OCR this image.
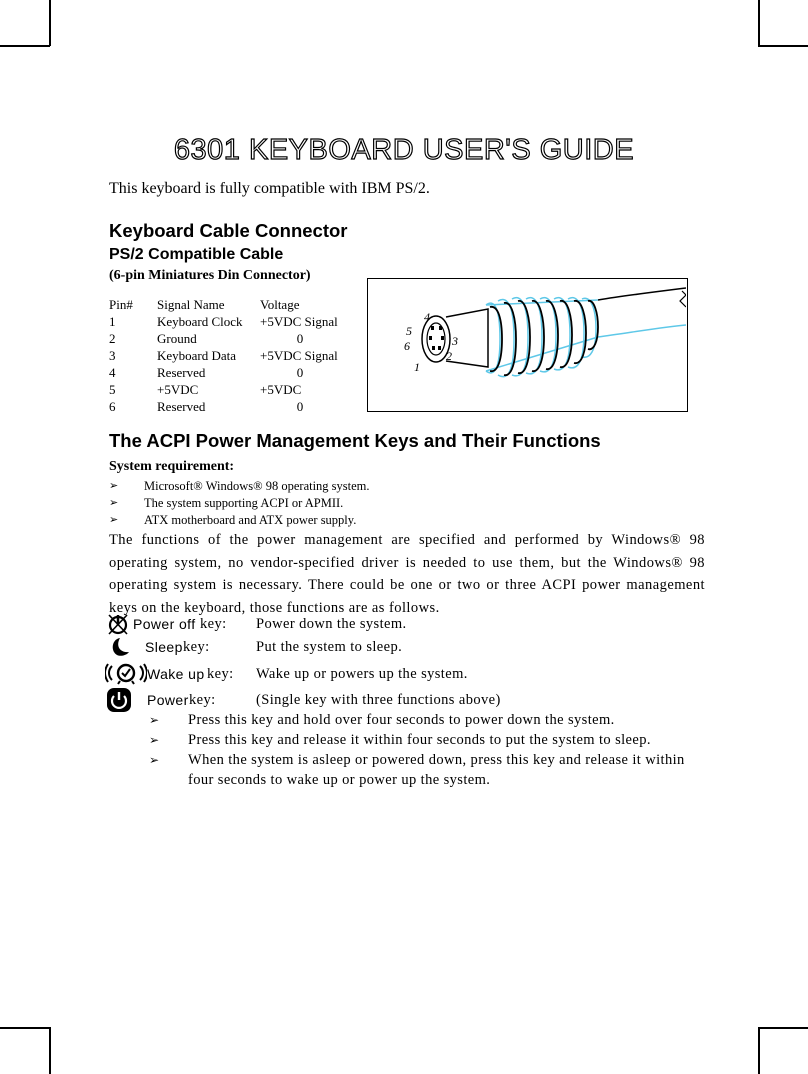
6301 KEYBOARD USER'S GUIDE
This keyboard is fully compatible with IBM PS/2.
Keyboard Cable Connector
PS/2 Compatible Cable
(6-pin Miniatures Din Connector)
Pin#	Signal Name	Voltage
1	Keyboard Clock	+5VDC Signal
2	Ground	0
3	Keyboard Data	+5VDC Signal
4	Reserved	0
5	+5VDC	+5VDC
6	Reserved	0
4
5
3
6
2
1
The ACPI Power Management Keys and Their Functions
System requirement:
➢ Microsoft® Windows® 98 operating system.
➢ The system supporting ACPI or APMII.
➢ ATX motherboard and ATX power supply.

The functions of the power management are specified and performed by Windows® 98 operating system, no vendor-specified driver is needed to use them, but the Windows® 98 operating system is necessary. There could be one or two or three ACPI power management keys on the keyboard, those functions are as follows.

Power off key: Power down the system.
Sleep key:	Put the system to sleep.
Wake up key: Wake up or powers up the system.
Power key:	(Single key with three functions above)
➢ Press this key and hold over four seconds to power down the system.
➢ Press this key and release it within four seconds to put the system to sleep.
➢ When the system is asleep or powered down, press this key and release it within
four seconds to wake up or power up the system.
